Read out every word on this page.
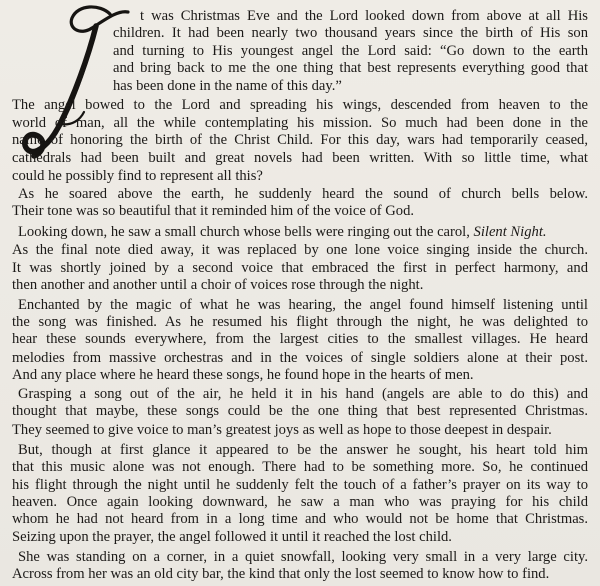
t was Christmas Eve and the Lord looked down from above at all His
children. It had been nearly two thousand years since the birth of His son
and turning to His youngest angel the Lord said: “Go down to the earth
and bring back to me the one thing that best represents everything good that
has been done in the name of this day.”
The angel bowed to the Lord and spreading his wings, descended from heaven to the
world of man, all the while contemplating his mission. So much had been done in the
name of honoring the birth of the Christ Child. For this day, wars had temporarily ceased,
cathedrals had been built and great novels had been written. With so little time, what
could he possibly find to represent all this?
As he soared above the earth, he suddenly heard the sound of church bells below.
Their tone was so beautiful that it reminded him of the voice of God.
Looking down, he saw a small church whose bells were ringing out the carol, Silent Night.
As the final note died away, it was replaced by one lone voice singing inside the church.
It was shortly joined by a second voice that embraced the first in perfect harmony, and
then another and another until a choir of voices rose through the night.
Enchanted by the magic of what he was hearing, the angel found himself listening until
the song was finished. As he resumed his flight through the night, he was delighted to
hear these sounds everywhere, from the largest cities to the smallest villages. He heard
melodies from massive orchestras and in the voices of single soldiers alone at their post.
And any place where he heard these songs, he found hope in the hearts of men.
Grasping a song out of the air, he held it in his hand (angels are able to do this) and
thought that maybe, these songs could be the one thing that best represented Christmas.
They seemed to give voice to man’s greatest joys as well as hope to those deepest in despair.
But, though at first glance it appeared to be the answer he sought, his heart told him
that this music alone was not enough. There had to be something more. So, he continued
his flight through the night until he suddenly felt the touch of a father’s prayer on its way to
heaven. Once again looking downward, he saw a man who was praying for his child
whom he had not heard from in a long time and who would not be home that Christmas.
Seizing upon the prayer, the angel followed it until it reached the lost child.
She was standing on a corner, in a quiet snowfall, looking very small in a very large city.
Across from her was an old city bar, the kind that only the lost seemed to know how to find.
